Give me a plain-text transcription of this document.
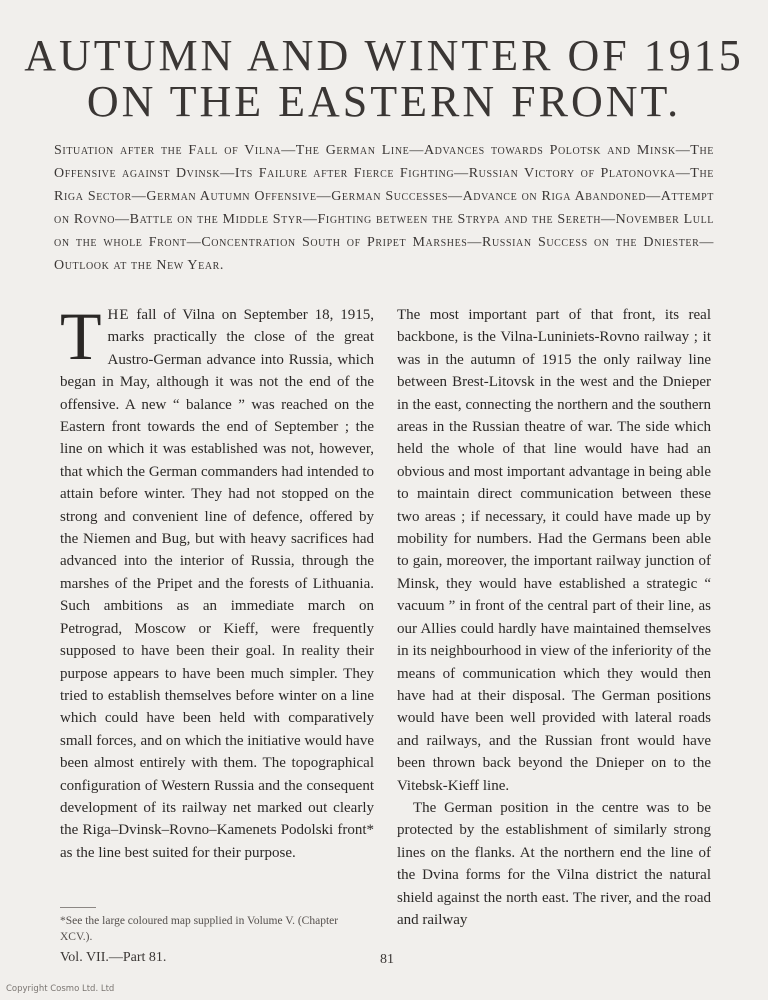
AUTUMN AND WINTER OF 1915
ON THE EASTERN FRONT.
Situation after the Fall of Vilna—The German Line—Advances towards Polotsk and Minsk—The Offensive against Dvinsk—Its Failure after Fierce Fighting—Russian Victory of Platonovka—The Riga Sector—German Autumn Offensive—German Successes—Advance on Riga Abandoned—Attempt on Rovno—Battle on the Middle Styr—Fighting between the Strypa and the Sereth—November Lull on the whole Front—Concentration South of Pripet Marshes—Russian Success on the Dniester—Outlook at the New Year.

THE fall of Vilna on September 18, 1915, marks practically the close of the great Austro-German advance into Russia, which began in May, although it was not the end of the offensive. A new “ balance ” was reached on the Eastern front towards the end of September ; the line on which it was established was not, however, that which the German commanders had intended to attain before winter. They had not stopped on the strong and convenient line of defence, offered by the Niemen and Bug, but with heavy sacrifices had advanced into the interior of Russia, through the marshes of the Pripet and the forests of Lithuania. Such ambitions as an immediate march on Petrograd, Moscow or Kieff, were frequently supposed to have been their goal. In reality their purpose appears to have been much simpler. They tried to establish themselves before winter on a line which could have been held with comparatively small forces, and on which the initiative would have been almost entirely with them. The topographical configuration of Western Russia and the consequent development of its railway net marked out clearly the Riga–Dvinsk–Rovno–Kamenets Podolski front* as the line best suited for their purpose.

The most important part of that front, its real backbone, is the Vilna-Luniniets-Rovno railway ; it was in the autumn of 1915 the only railway line between Brest-Litovsk in the west and the Dnieper in the east, connecting the northern and the southern areas in the Russian theatre of war. The side which held the whole of that line would have had an obvious and most important advantage in being able to maintain direct communication between these two areas ; if necessary, it could have made up by mobility for numbers. Had the Germans been able to gain, moreover, the important railway junction of Minsk, they would have established a strategic “ vacuum ” in front of the central part of their line, as our Allies could hardly have maintained themselves in its neighbourhood in view of the inferiority of the means of communication which they would then have had at their disposal. The German positions would have been well provided with lateral roads and railways, and the Russian front would have been thrown back beyond the Dnieper on to the Vitebsk-Kieff line.

The German position in the centre was to be protected by the establishment of similarly strong lines on the flanks. At the northern end the line of the Dvina forms for the Vilna district the natural shield against the north east. The river, and the road and railway

*See the large coloured map supplied in Volume V. (Chapter XCV.).
Vol. VII.—Part 81.	81
Copyright Cosmo Ltd. Ltd
